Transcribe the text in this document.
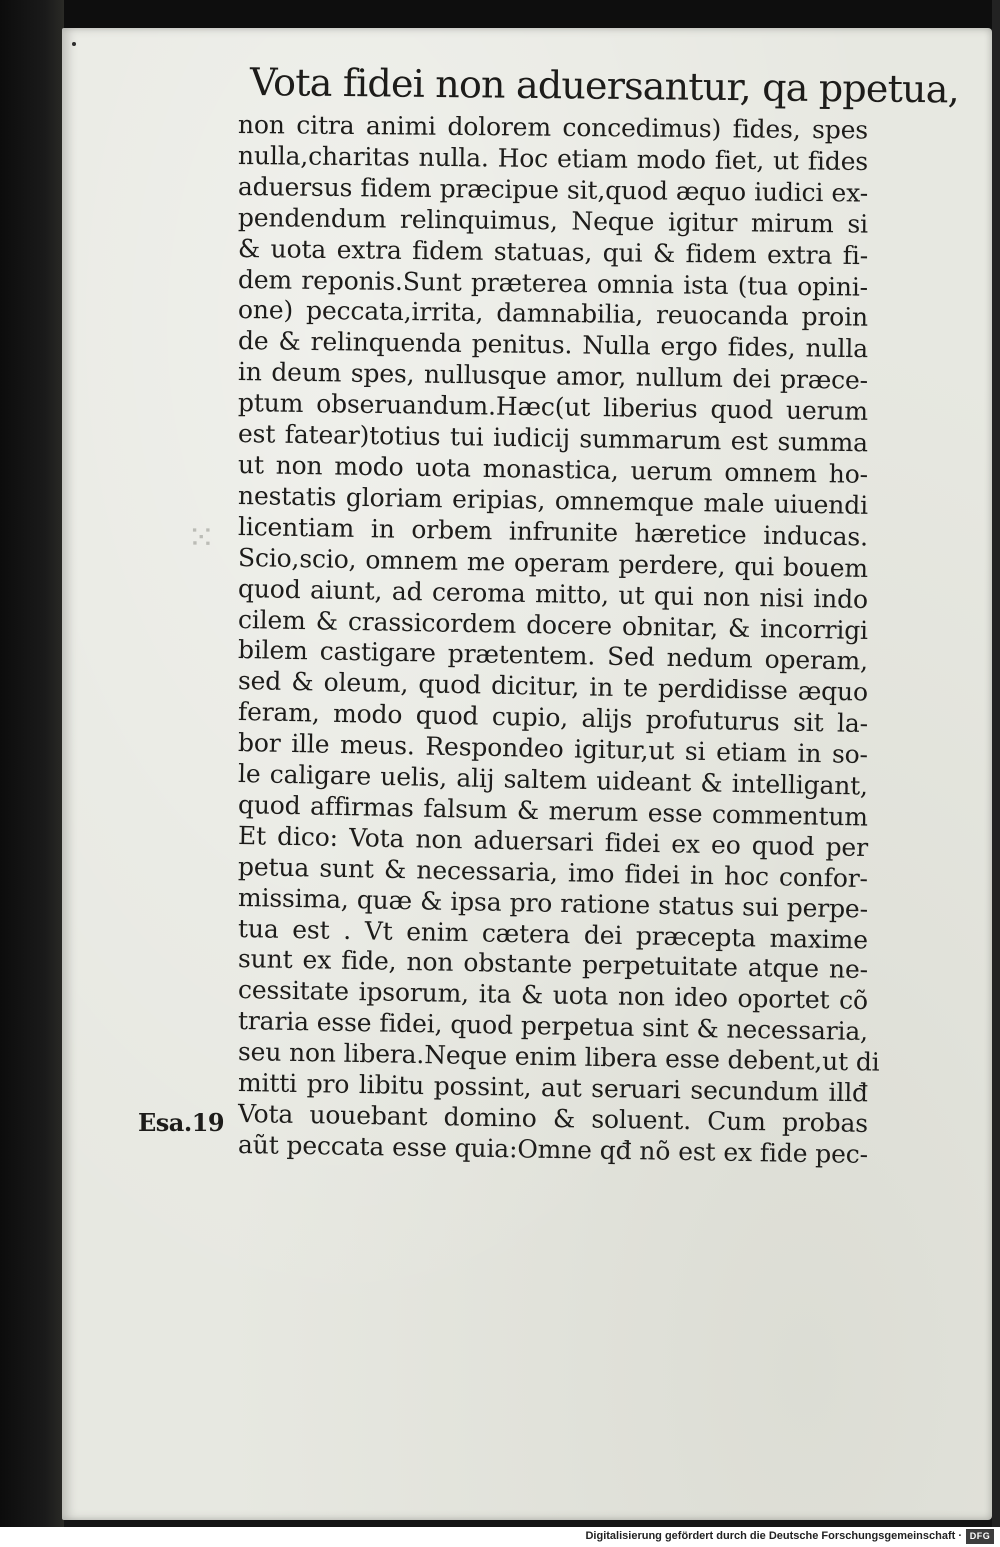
⁙
Vota fidei non aduersantur, qa ppetua,
non citra animi dolorem concedimus) fides, spes
nulla,charitas nulla. Hoc etiam modo fiet, ut fides
aduersus fidem præcipue sit,quod æquo iudici ex-
pendendum relinquimus, Neque igitur mirum si
& uota extra fidem statuas, qui & fidem extra fi-
dem reponis.Sunt præterea omnia ista (tua opini-
one) peccata,irrita, damnabilia, reuocanda proin
de & relinquenda penitus. Nulla ergo fides, nulla
in deum spes, nullusque amor, nullum dei præce-
ptum obseruandum.Hæc(ut liberius quod uerum
est fatear)totius tui iudicij summarum est summa
ut non modo uota monastica, uerum omnem ho-
nestatis gloriam eripias, omnemque male uiuendi
licentiam in orbem infrunite hæretice inducas.
Scio,scio, omnem me operam perdere, qui bouem
quod aiunt, ad ceroma mitto, ut qui non nisi indo
cilem & crassicordem docere obnitar, & incorrigi
bilem castigare prætentem. Sed nedum operam,
sed & oleum, quod dicitur, in te perdidisse æquo
feram, modo quod cupio, alijs profuturus sit la-
bor ille meus. Respondeo igitur,ut si etiam in so-
le caligare uelis, alij saltem uideant & intelligant,
quod affirmas falsum & merum esse commentum
Et dico: Vota non aduersari fidei ex eo quod per
petua sunt & necessaria, imo fidei in hoc confor-
missima, quæ & ipsa pro ratione status sui perpe-
tua est . Vt enim cætera dei præcepta maxime
sunt ex fide, non obstante perpetuitate atque ne-
cessitate ipsorum, ita & uota non ideo oportet cõ
traria esse fidei, quod perpetua sint & necessaria,
seu non libera.Neque enim libera esse debent,ut di
mitti pro libitu possint, aut seruari secundum illđ
Vota uouebant domino & soluent. Cum probas
aũt peccata esse quia:Omne qđ nõ est ex fide pec-
Esa.19
Digitalisierung gefördert durch die Deutsche Forschungsgemeinschaft · DFG
